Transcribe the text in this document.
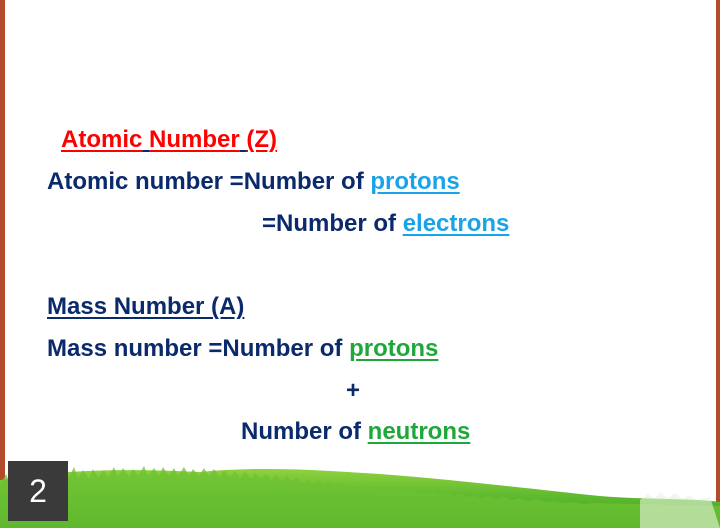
Atomic Number (Z)
Atomic number =Number of protons
=Number of electrons
Mass Number (A)
Mass number =Number of protons
+
Number of neutrons
2
